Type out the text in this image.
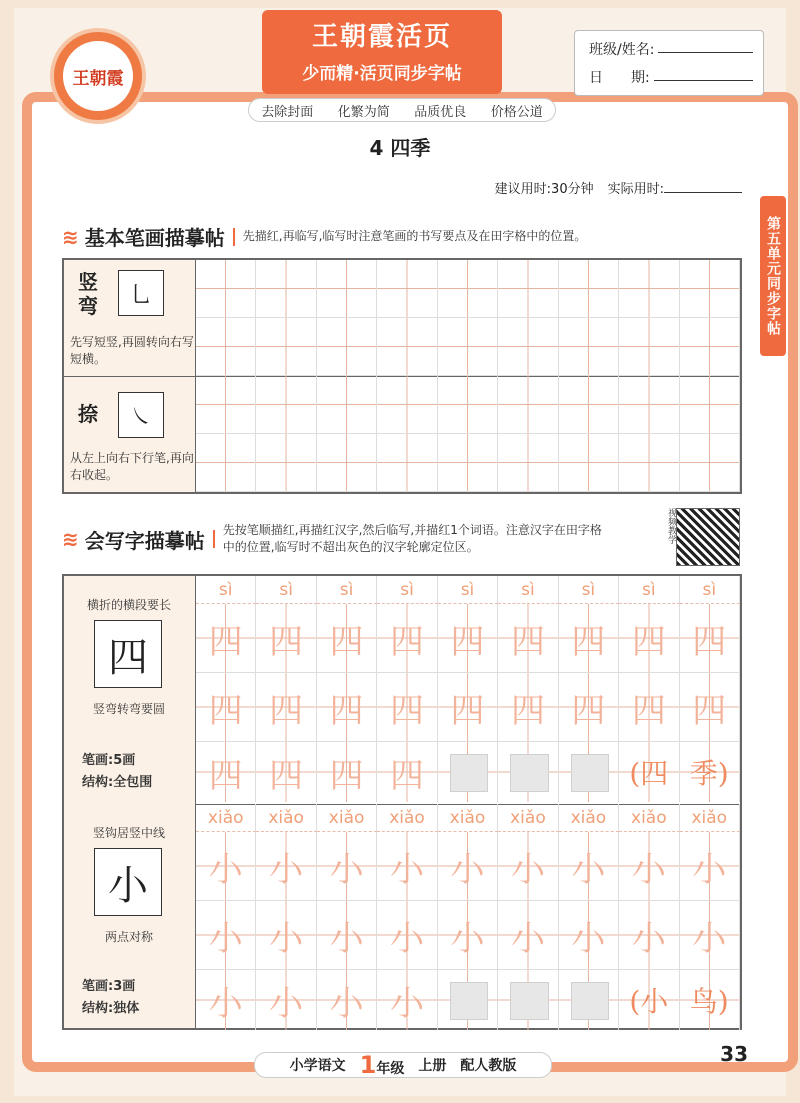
王朝霞
王朝霞活页
少而精·活页同步字帖
去除封面 化繁为简 品质优良 价格公道
班级/姓名:
日　　期:
4 四季
建议用时:30分钟 实际用时:
第五单元同步字帖
≋ 基本笔画描摹帖 先描红,再临写,临写时注意笔画的书写要点及在田字格中的位置。
竖弯	乚
先写短竖,再圆转向右写短横。
捺	㇏
从左上向右下行笔,再向右收起。
≋ 会写字描摹帖 先按笔顺描红,再描红汉字,然后临写,并描红1个词语。注意汉字在田字格中的位置,临写时不超出灰色的汉字轮廓定位区。
视频教学
横折的横段要长
四
竖弯转弯要圆
笔画:5画
结构:全包围
竖钩居竖中线
小
两点对称
笔画:3画
结构:独体
sì	sì	sì	sì	sì	sì	sì	sì	sì
四 四 四 四 四 四 四 四 四
四 四 四 四 四 四 四 四 四
四 四 四 四	(四 季)
xiǎo	xiǎo	xiǎo	xiǎo	xiǎo	xiǎo	xiǎo	xiǎo	xiǎo
小 小 小 小 小 小 小 小 小
小 小 小 小 小 小 小 小 小
小 小 小 小	(小 鸟)
小学语文 1年级 上册 配人教版	33
